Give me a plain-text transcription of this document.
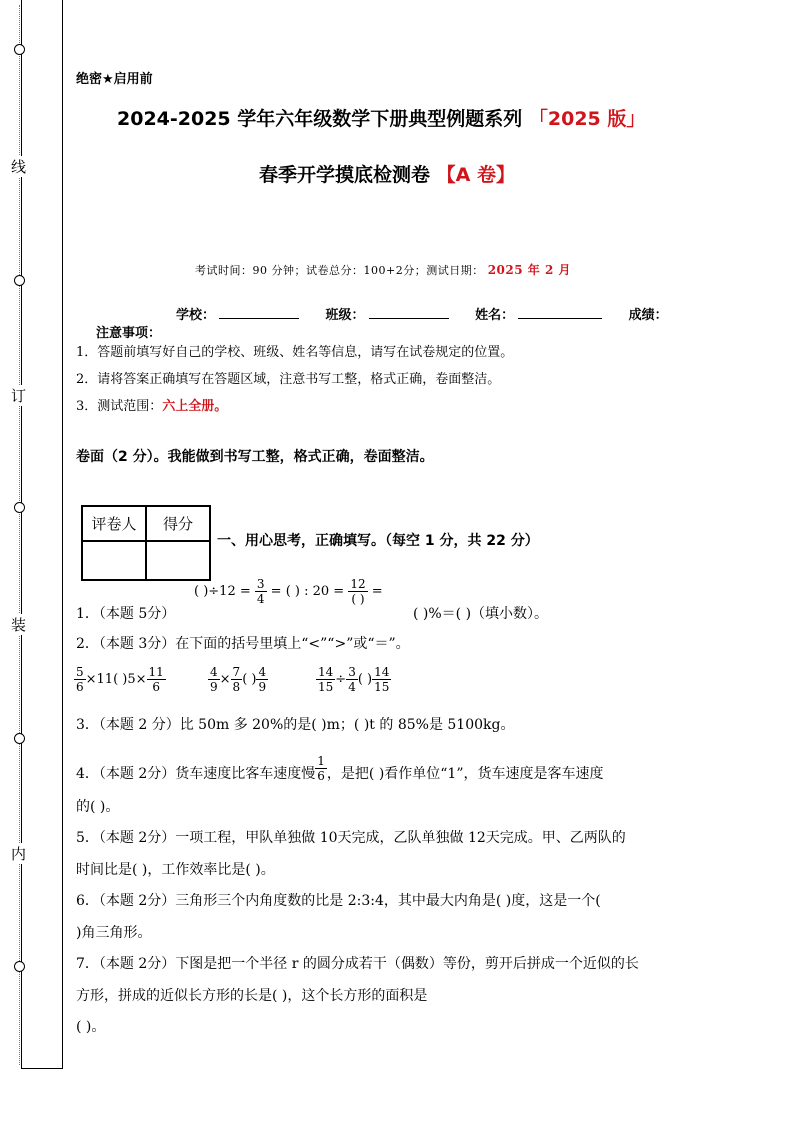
线
订
装
内
绝密★启用前
2024-2025 学年六年级数学下册典型例题系列 「2025 版」
春季开学摸底检测卷 【A 卷】
考试时间：90 分钟；试卷总分：100+2分；测试日期： 2025 年 2 月
学校：	班级：	姓名：	成绩：
注意事项：
1．答题前填写好自己的学校、班级、姓名等信息，请写在试卷规定的位置。
2．请将答案正确填写在答题区域，注意书写工整，格式正确，卷面整洁。
3．测试范围：六上全册。
卷面（2 分）。我能做到书写工整，格式正确，卷面整洁。
评卷人	得分

一、用心思考，正确填写。（每空 1 分，共 22 分）
( )$\div 12 = \frac{3}{4}$ = ( ) : $20 = \frac{12}{( )}$ =
1．（本题 5分）	( )%＝( )（填小数）。
2．（本题 3分）在下面的括号里填上“<”“>”或“＝”。
$\frac{5}{6} \times 11$( )$5\times \frac{11}{6}$	$\frac{4}{9} \times \frac{7}{8}$ ( ) $\frac{4}{9}$	$\frac{14}{15} \div \frac{3}{4}$ ( ) $\frac{14}{15}$
3．（本题 2 分）比 50m 多 20%的是( )m；( )t 的 85%是 5100kg。
4．（本题 2分）货车速度比客车速度慢 $\frac{1}{6}$ ，是把( )看作单位“1”，货车速度是客车速度
的( )。
5．（本题 2分）一项工程，甲队单独做 10天完成，乙队单独做 12天完成。甲、乙两队的
时间比是( )，工作效率比是( )。
6．（本题 2分）三角形三个内角度数的比是 2:3:4，其中最大内角是( )度，这是一个(
)角三角形。
7．（本题 2分）下图是把一个半径 r 的圆分成若干（偶数）等份，剪开后拼成一个近似的长
方形，拼成的近似长方形的长是( )，这个长方形的面积是
( )。
